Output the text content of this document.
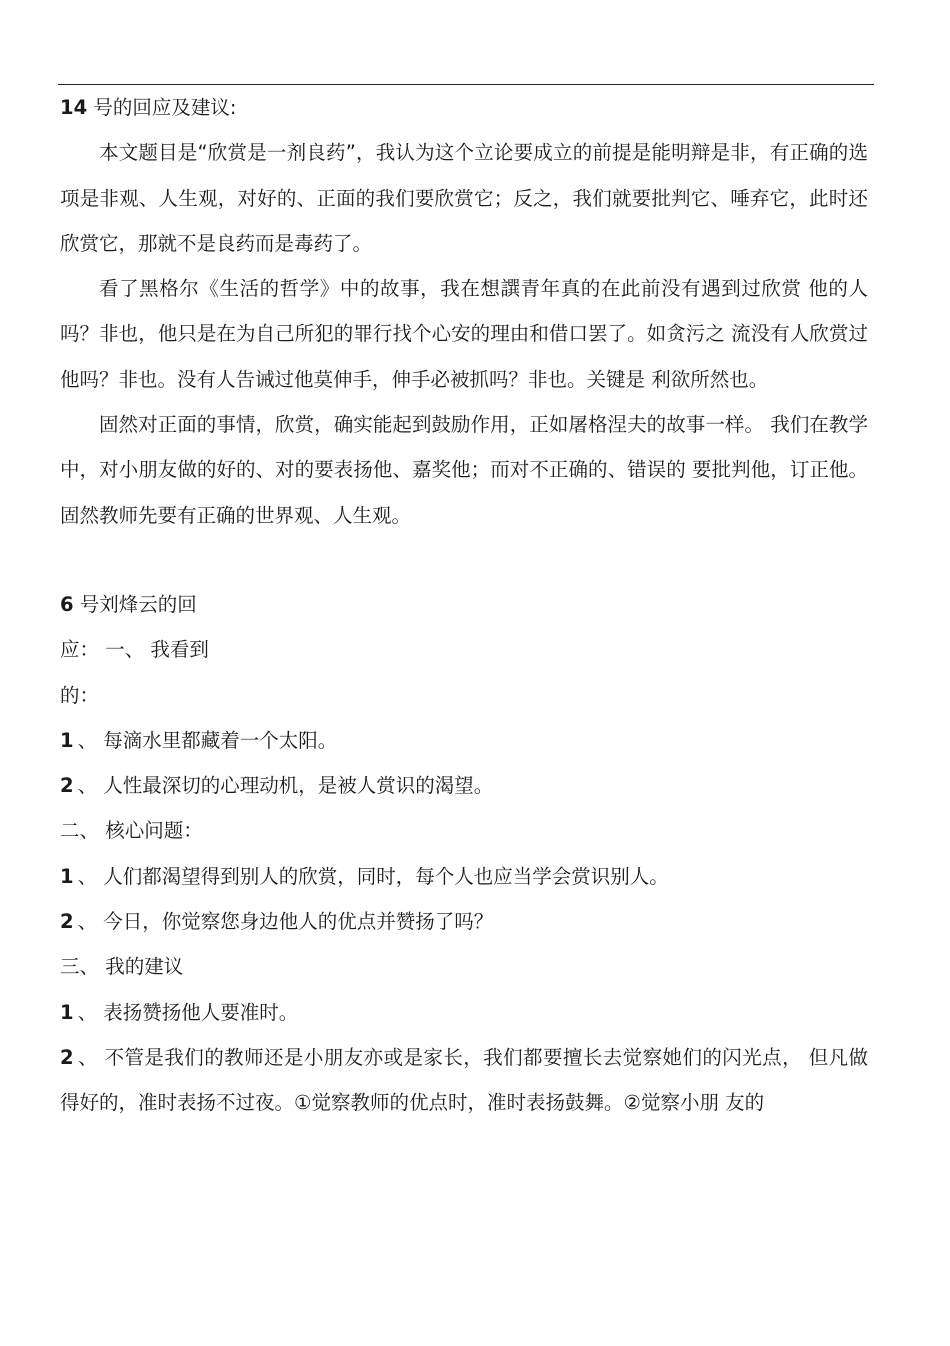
14 号的回应及建议:

本文题目是“欣赏是一剂良药”，我认为这个立论要成立的前提是能明辩是非，有正确的选项是非观、人生观，对好的、正面的我们要欣赏它；反之，我们就要批判它、唾弃它，此时还欣赏它，那就不是良药而是毒药了。

看了黑格尔《生活的哲学》中的故事，我在想譔青年真的在此前没有遇到过欣赏 他的人吗？非也，他只是在为自己所犯的罪行找个心安的理由和借口罢了。如贪污之 流没有人欣赏过他吗？非也。没有人告诫过他莫伸手，伸手必被抓吗？非也。关键是 利欲所然也。

固然对正面的事情，欣赏，确实能起到鼓励作用，正如屠格涅夫的故事一样。 我们在教学中，对小朋友做的好的、对的要表扬他、嘉奖他；而对不正确的、错误的 要批判他，订正他。固然教师先要有正确的世界观、人生观。

6 号刘烽云的回

应： 一、 我看到

的：

1 、 每滴水里都藏着一个太阳。

2 、 人性最深切的心理动机，是被人赏识的渴望。

二、 核心问题：

1 、 人们都渴望得到别人的欣赏，同时，每个人也应当学会赏识别人。

2 、 今日，你觉察您身边他人的优点并赞扬了吗？

三、 我的建议

1 、 表扬赞扬他人要准时。

2 、 不管是我们的教师还是小朋友亦或是家长，我们都要擅长去觉察她们的闪光点， 但凡做得好的，准时表扬不过夜。①觉察教师的优点时，准时表扬鼓舞。②觉察小朋 友的
